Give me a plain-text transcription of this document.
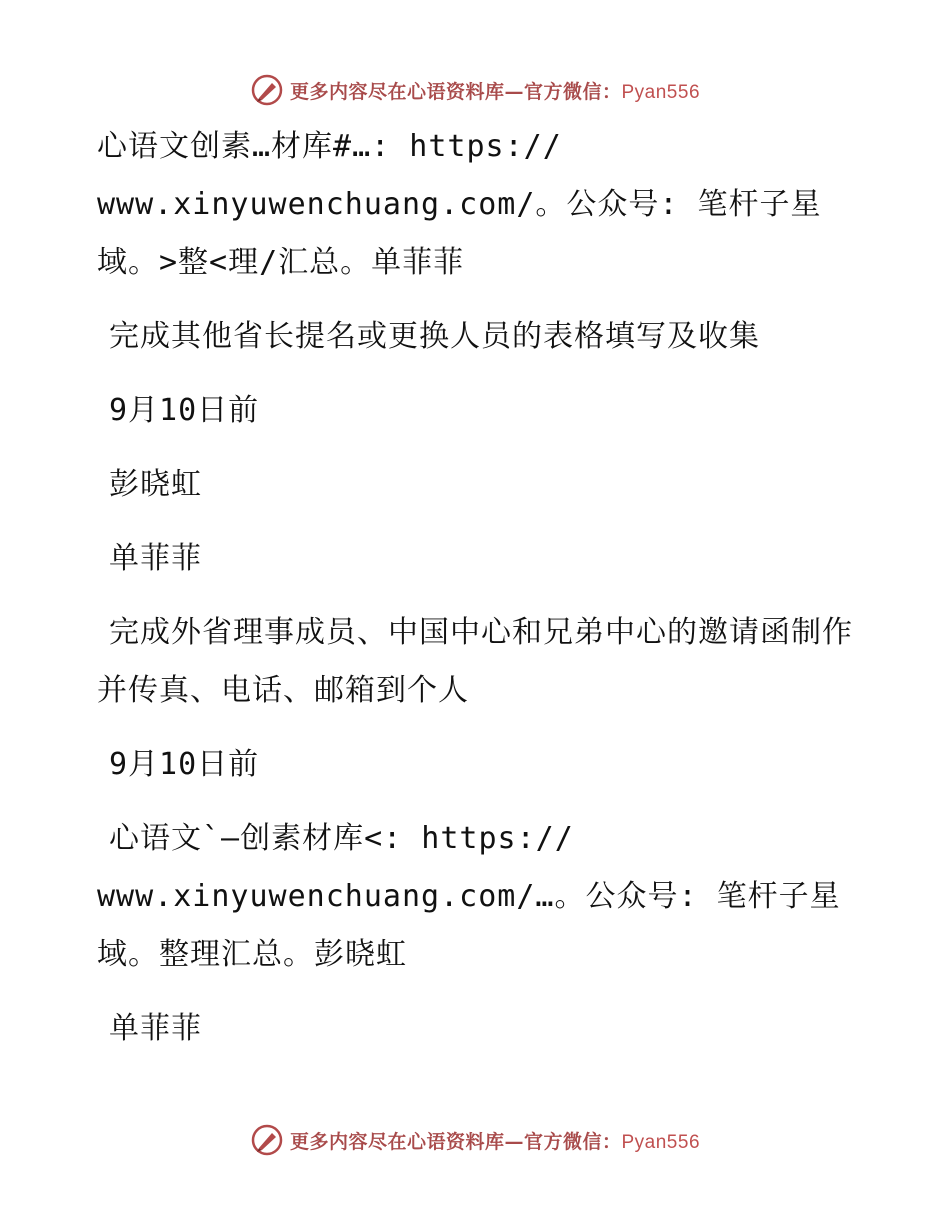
更多内容尽在心语资料库—官方微信：Pyan556

心语文创素…材库#…: https://
www.xinyuwenchuang.com/。公众号: 笔杆子星域。>整<理/汇总。单菲菲

完成其他省长提名或更换人员的表格填写及收集

9月10日前

彭晓虹

单菲菲

完成外省理事成员、中国中心和兄弟中心的邀请函制作并传真、电话、邮箱到个人

9月10日前

心语文`—创素材库<: https://
www.xinyuwenchuang.com/…。公众号: 笔杆子星域。整理汇总。彭晓虹

单菲菲

更多内容尽在心语资料库—官方微信：Pyan556
